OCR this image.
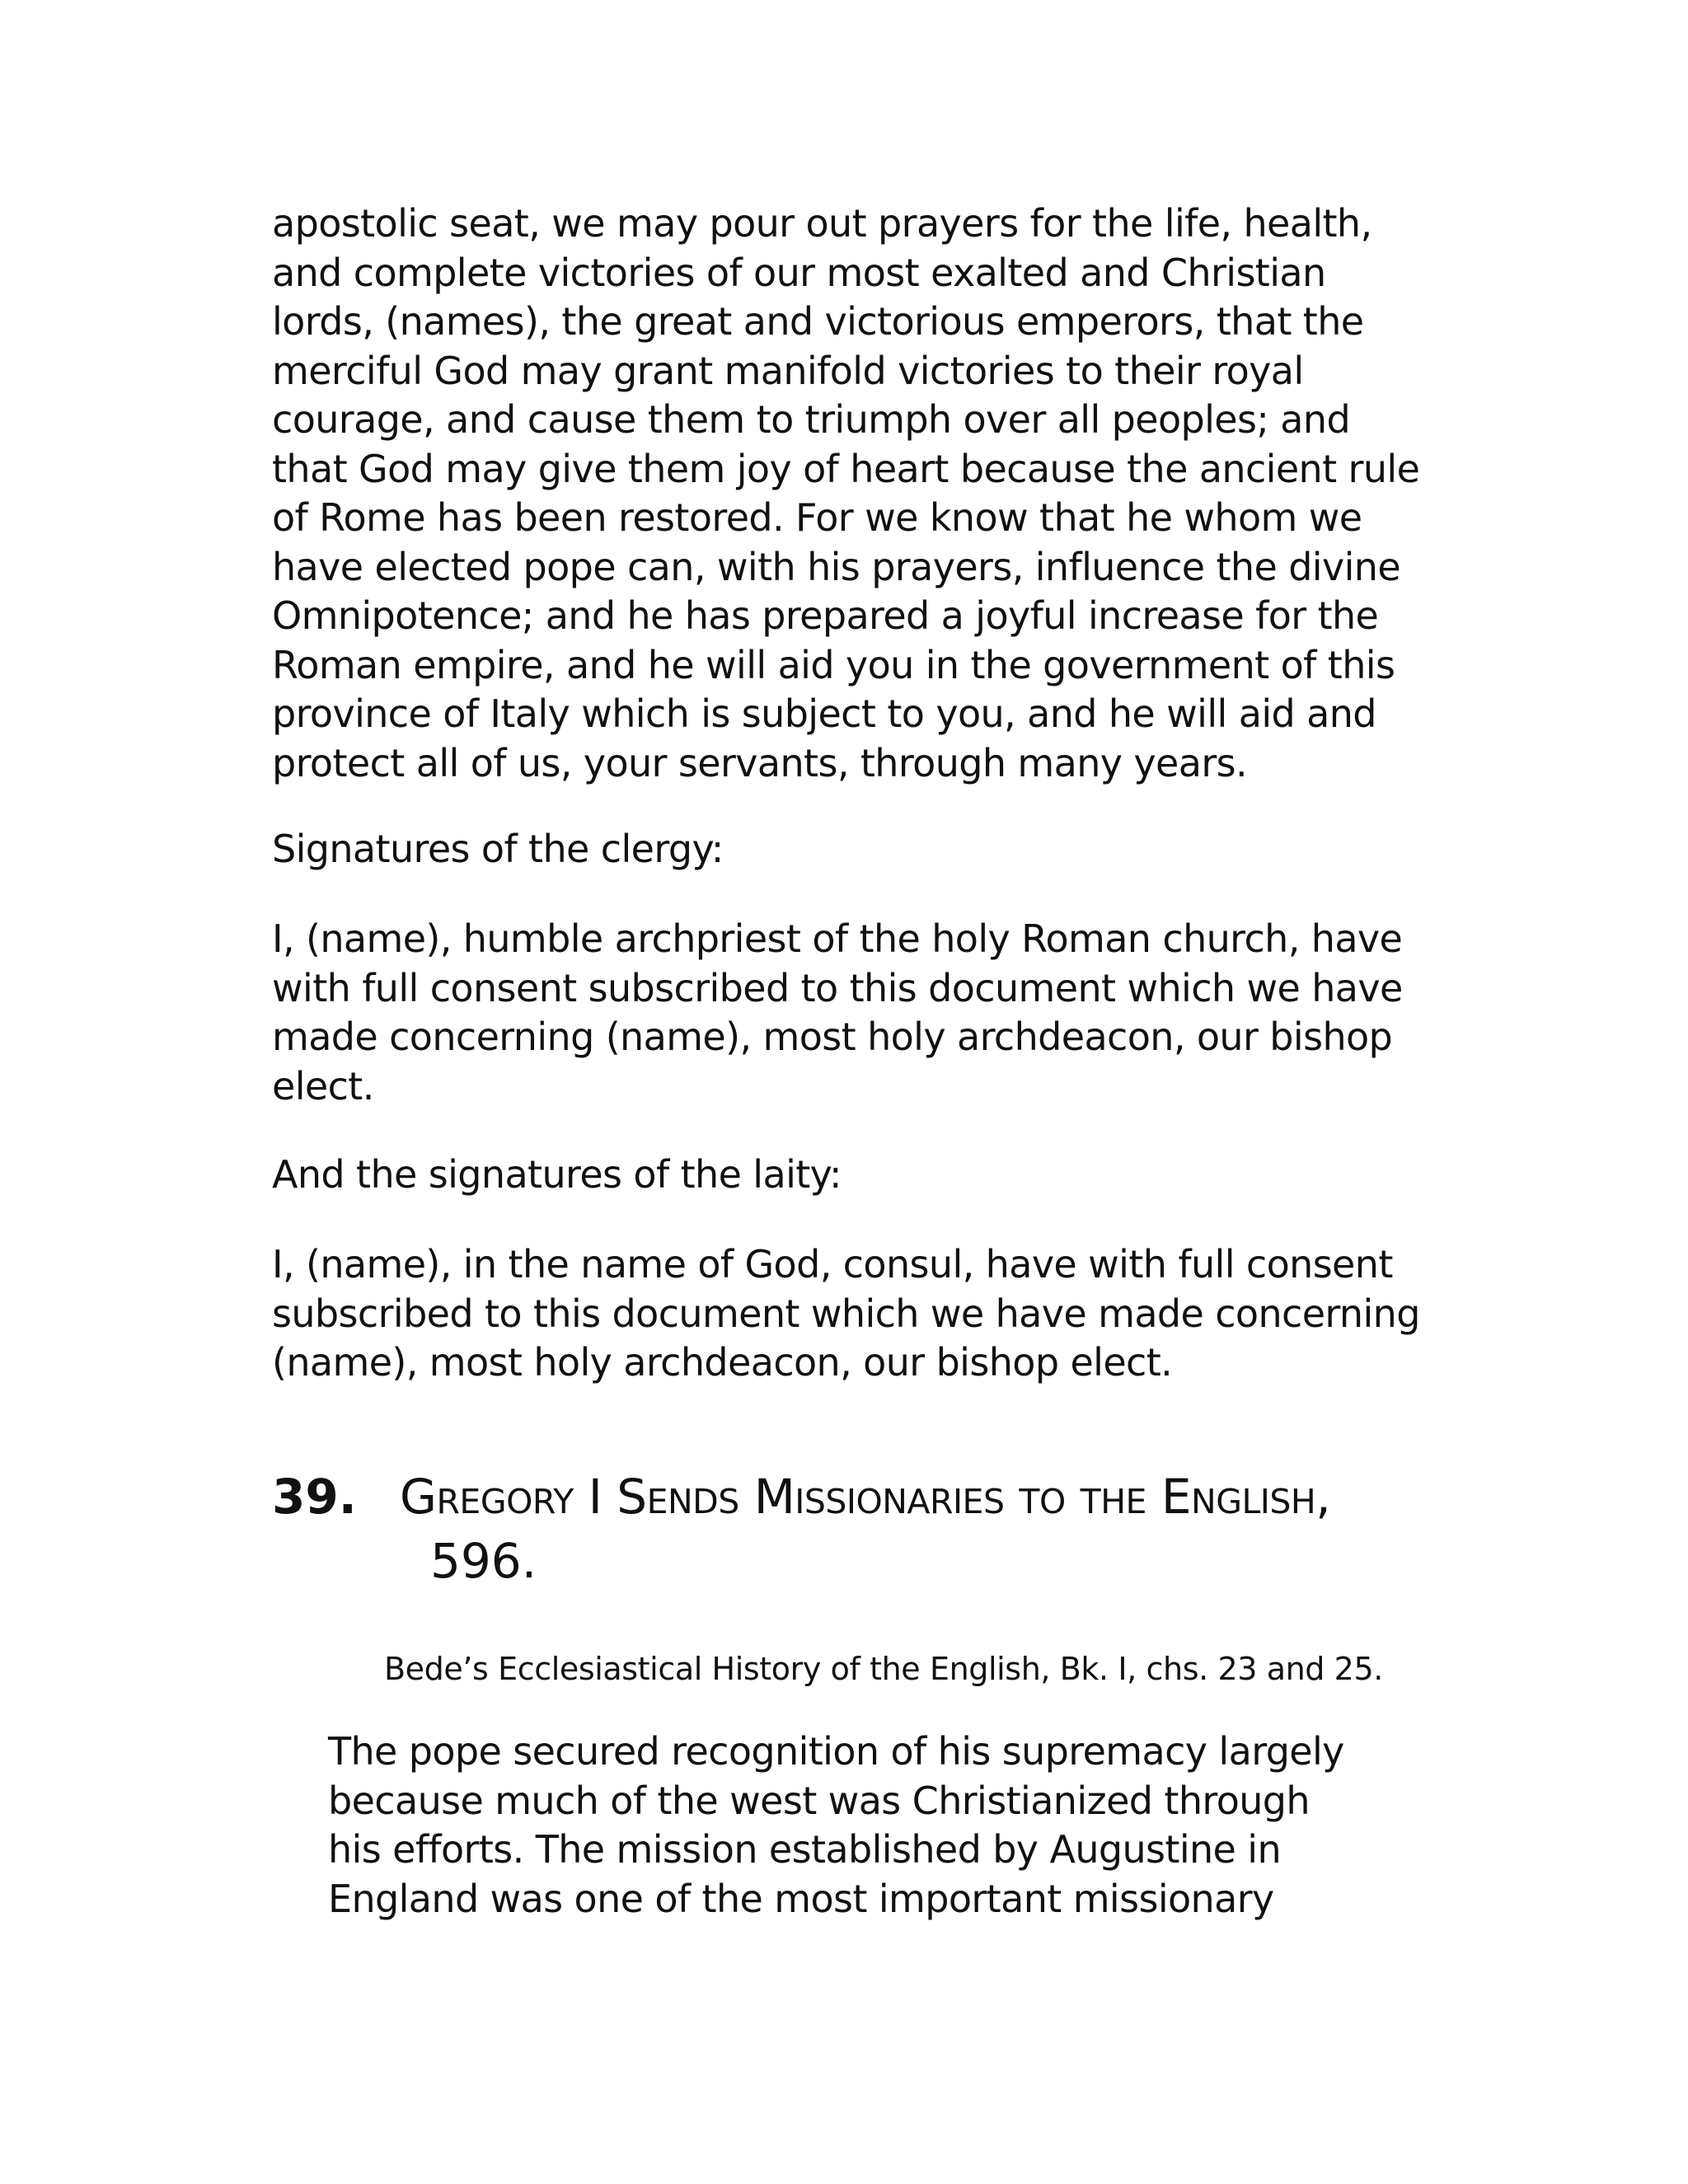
apostolic seat, we may pour out prayers for the life, health,
and complete victories of our most exalted and Christian
lords, (names), the great and victorious emperors, that the
merciful God may grant manifold victories to their royal
courage, and cause them to triumph over all peoples; and
that God may give them joy of heart because the ancient rule
of Rome has been restored. For we know that he whom we
have elected pope can, with his prayers, influence the divine
Omnipotence; and he has prepared a joyful increase for the
Roman empire, and he will aid you in the government of this
province of Italy which is subject to you, and he will aid and
protect all of us, your servants, through many years.

Signatures of the clergy:

I, (name), humble archpriest of the holy Roman church, have
with full consent subscribed to this document which we have
made concerning (name), most holy archdeacon, our bishop
elect.

And the signatures of the laity:

I, (name), in the name of God, consul, have with full consent
subscribed to this document which we have made concerning
(name), most holy archdeacon, our bishop elect.

39. Gregory I Sends Missionaries to the English,
596.
Bede’s Ecclesiastical History of the English, Bk. I, chs. 23 and 25.

The pope secured recognition of his supremacy largely
because much of the west was Christianized through
his efforts. The mission established by Augustine in
England was one of the most important missionary
